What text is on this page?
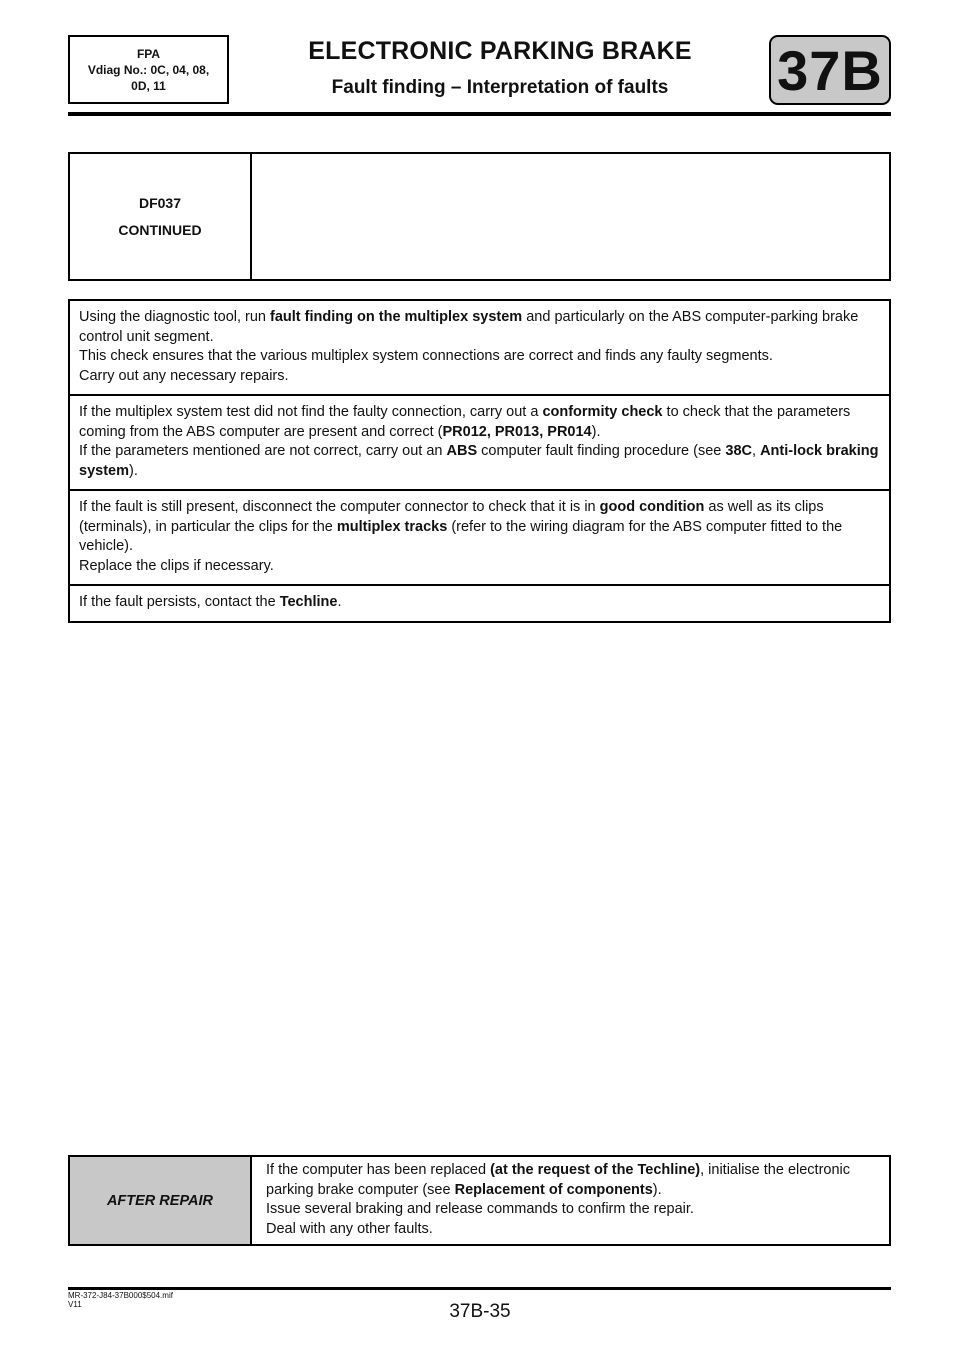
FPA
Vdiag No.: 0C, 04, 08,
0D, 11
ELECTRONIC PARKING BRAKE
Fault finding – Interpretation of faults	37B
DF037
CONTINUED
Using the diagnostic tool, run fault finding on the multiplex system and particularly on the ABS computer-parking brake control unit segment.
This check ensures that the various multiplex system connections are correct and finds any faulty segments.
Carry out any necessary repairs.
If the multiplex system test did not find the faulty connection, carry out a conformity check to check that the parameters coming from the ABS computer are present and correct (PR012, PR013, PR014).
If the parameters mentioned are not correct, carry out an ABS computer fault finding procedure (see 38C, Anti-lock braking system).
If the fault is still present, disconnect the computer connector to check that it is in good condition as well as its clips (terminals), in particular the clips for the multiplex tracks (refer to the wiring diagram for the ABS computer fitted to the vehicle).
Replace the clips if necessary.
If the fault persists, contact the Techline.
AFTER REPAIR
If the computer has been replaced (at the request of the Techline), initialise the electronic parking brake computer (see Replacement of components).
Issue several braking and release commands to confirm the repair.
Deal with any other faults.
MR-372-J84-37B000$504.mif
V11	37B-35
